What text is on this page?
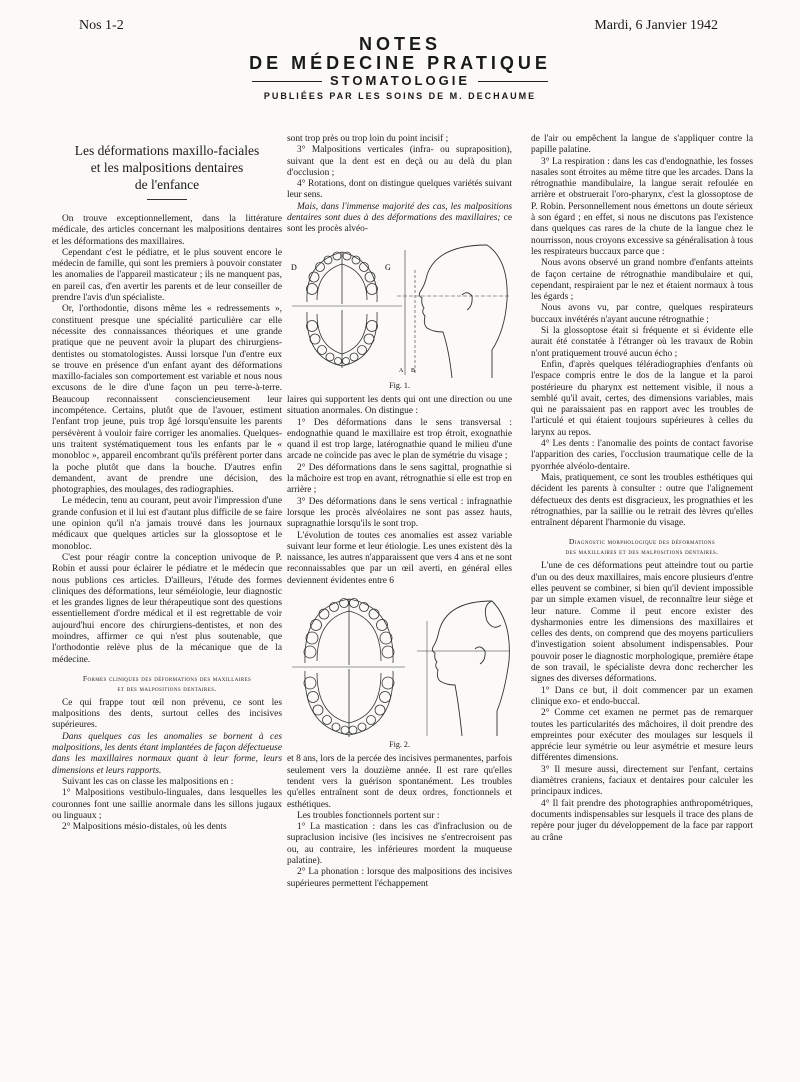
Nos 1-2	Mardi, 6 Janvier 1942
NOTES
DE MÉDECINE PRATIQUE
STOMATOLOGIE
PUBLIÉES PAR LES SOINS DE M. DECHAUME
Les déformations maxillo-faciales
et les malpositions dentaires
de l'enfance

On trouve exceptionnellement, dans la littérature médicale, des articles concernant les malpositions dentaires et les déformations des maxillaires.

Cependant c'est le pédiatre, et le plus souvent encore le médecin de famille, qui sont les premiers à pouvoir constater les anomalies de l'appareil masticateur ; ils ne manquent pas, en pareil cas, d'en avertir les parents et de leur conseiller de prendre l'avis d'un spécialiste.

Or, l'orthodontie, disons même les « redressements », constituent presque une spécialité particulière car elle nécessite des connaissances théoriques et une grande pratique que ne peuvent avoir la plupart des chirurgiens-dentistes ou stomatologistes. Aussi lorsque l'un d'entre eux se trouve en présence d'un enfant ayant des déformations maxillo-faciales son comportement est variable et nous nous excusons de le dire d'une façon un peu terre-à-terre. Beaucoup reconnaissent consciencieusement leur incompétence. Certains, plutôt que de l'avouer, estiment l'enfant trop jeune, puis trop âgé lorsqu'ensuite les parents persévèrent à vouloir faire corriger les anomalies. Quelques-uns traitent systématiquement tous les enfants par le « monobloc », appareil encombrant qu'ils préfèrent porter dans la poche plutôt que dans la bouche. D'autres enfin demandent, avant de prendre une décision, des photographies, des moulages, des radiographies.

Le médecin, tenu au courant, peut avoir l'impression d'une grande confusion et il lui est d'autant plus difficile de se faire une opinion qu'il n'a jamais trouvé dans les journaux médicaux que quelques articles sur la glossoptose et le monobloc.

C'est pour réagir contre la conception univoque de P. Robin et aussi pour éclairer le pédiatre et le médecin que nous publions ces articles. D'ailleurs, l'étude des formes cliniques des déformations, leur séméiologie, leur diagnostic et les grandes lignes de leur thérapeutique sont des questions essentiellement d'ordre médical et il est regrettable de voir aujourd'hui encore des chirurgiens-dentistes, et non des moindres, affirmer ce qui n'est plus soutenable, que l'orthodontie relève plus de la mécanique que de la médecine.

Formes cliniques des déformations des maxillaires
et des malpositions dentaires.

Ce qui frappe tout œil non prévenu, ce sont les malpositions des dents, surtout celles des incisives supérieures.

Dans quelques cas les anomalies se bornent à ces malpositions, les dents étant implantées de façon défectueuse dans les maxillaires normaux quant à leur forme, leurs dimensions et leurs rapports.

Suivant les cas on classe les malpositions en :

1° Malpositions vestibulo-linguales, dans lesquelles les couronnes font une saillie anormale dans les sillons jugaux ou linguaux ;

2° Malpositions mésio-distales, où les dents

sont trop près ou trop loin du point incisif ;

3° Malpositions verticales (infra- ou supraposition), suivant que la dent est en deçà ou au delà du plan d'occlusion ;

4° Rotations, dont on distingue quelques variétés suivant leur sens.

Mais, dans l'immense majorité des cas, les malpositions dentaires sont dues à des déformations des maxillaires; ce sont les procès alvéo-

D	G
A B
Fig. 1.

laires qui supportent les dents qui ont une direction ou une situation anormales. On distingue :

1° Des déformations dans le sens transversal : endognathie quand le maxillaire est trop étroit, exognathie quand il est trop large, latérognathie quand le milieu d'une arcade ne coïncide pas avec le plan de symétrie du visage ;

2° Des déformations dans le sens sagittal, prognathie si la mâchoire est trop en avant, rétrognathie si elle est trop en arrière ;

3° Des déformations dans le sens vertical : infragnathie lorsque les procès alvéolaires ne sont pas assez hauts, supragnathie lorsqu'ils le sont trop.

L'évolution de toutes ces anomalies est assez variable suivant leur forme et leur étiologie. Les unes existent dès la naissance, les autres n'apparaissent que vers 4 ans et ne sont reconnaissables que par un œil averti, en général elles deviennent évidentes entre 6

Fig. 2.

et 8 ans, lors de la percée des incisives permanentes, parfois seulement vers la douzième année. Il est rare qu'elles tendent vers la guérison spontanément. Les troubles qu'elles entraînent sont de deux ordres, fonctionnels et esthétiques.

Les troubles fonctionnels portent sur :

1° La mastication : dans les cas d'infraclusion ou de supraclusion incisive (les incisives ne s'entrecroisent pas ou, au contraire, les inférieures mordent la muqueuse palatine).

2° La phonation : lorsque des malpositions des incisives supérieures permettent l'échappement

de l'air ou empêchent la langue de s'appliquer contre la papille palatine.

3° La respiration : dans les cas d'endognathie, les fosses nasales sont étroites au même titre que les arcades. Dans la rétrognathie mandibulaire, la langue serait refoulée en arrière et obstruerait l'oro-pharynx, c'est la glossoptose de P. Robin. Personnellement nous émettons un doute sérieux à son égard ; en effet, si nous ne discutons pas l'existence dans quelques cas rares de la chute de la langue chez le nourrisson, nous croyons excessive sa généralisation à tous les respirateurs buccaux parce que :

Nous avons observé un grand nombre d'enfants atteints de façon certaine de rétrognathie mandibulaire et qui, cependant, respiraient par le nez et étaient normaux à tous les égards ;

Nous avons vu, par contre, quelques respirateurs buccaux invétérés n'ayant aucune rétrognathie ;

Si la glossoptose était si fréquente et si évidente elle aurait été constatée à l'étranger où les travaux de Robin n'ont pratiquement trouvé aucun écho ;

Enfin, d'après quelques téléradiographies d'enfants où l'espace compris entre le dos de la langue et la paroi postérieure du pharynx est nettement visible, il nous a semblé qu'il avait, certes, des dimensions variables, mais qui ne paraissaient pas en rapport avec les troubles de l'articulé et qui étaient toujours supérieures à celles du larynx au repos.

4° Les dents : l'anomalie des points de contact favorise l'apparition des caries, l'occlusion traumatique celle de la pyorrhée alvéolo-dentaire.

Mais, pratiquement, ce sont les troubles esthétiques qui décident les parents à consulter : outre que l'alignement défectueux des dents est disgracieux, les prognathies et les rétrognathies, par la saillie ou le retrait des lèvres qu'elles entraînent déparent l'harmonie du visage.

Diagnostic morphologique des déformations
des maxillaires et des malpositions dentaires.

L'une de ces déformations peut atteindre tout ou partie d'un ou des deux maxillaires, mais encore plusieurs d'entre elles peuvent se combiner, si bien qu'il devient impossible par un simple examen visuel, de reconnaître leur siège et leur nature. Comme il peut encore exister des dysharmonies entre les dimensions des maxillaires et celles des dents, on comprend que des moyens particuliers d'investigation soient absolument indispensables. Pour pouvoir poser le diagnostic morphologique, première étape de son travail, le spécialiste devra donc rechercher les signes des diverses déformations.

1° Dans ce but, il doit commencer par un examen clinique exo- et endo-buccal.

2° Comme cet examen ne permet pas de remarquer toutes les particularités des mâchoires, il doit prendre des empreintes pour exécuter des moulages sur lesquels il apprécie leur symétrie ou leur asymétrie et mesure leurs différentes dimensions.

3° Il mesure aussi, directement sur l'enfant, certains diamètres craniens, faciaux et dentaires pour calculer les principaux indices.

4° Il fait prendre des photographies anthropométriques, documents indispensables sur lesquels il trace des plans de repère pour juger du développement de la face par rapport au crâne
